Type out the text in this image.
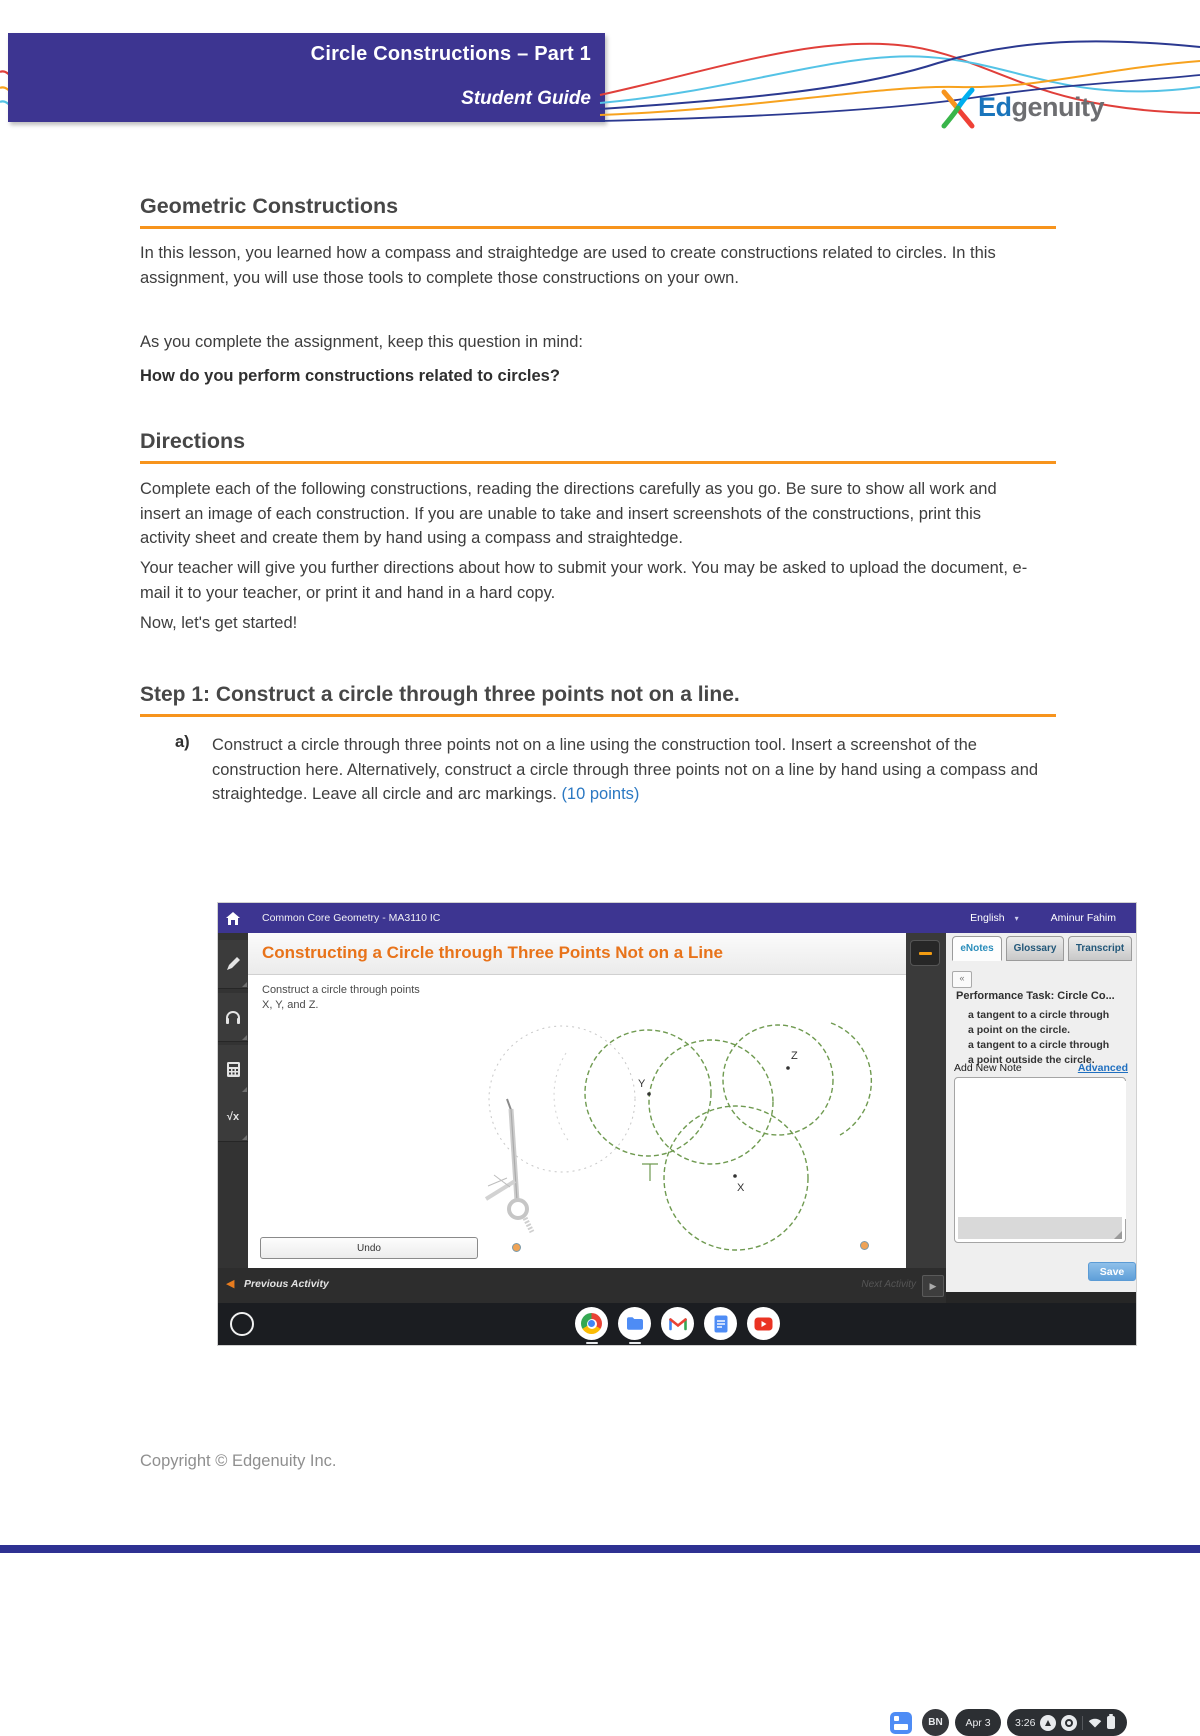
Circle Constructions – Part 1
Student Guide	Edgenuity
Geometric Constructions
In this lesson, you learned how a compass and straightedge are used to create constructions related to circles. In this assignment, you will use those tools to complete those constructions on your own.
As you complete the assignment, keep this question in mind:
How do you perform constructions related to circles?
Directions
Complete each of the following constructions, reading the directions carefully as you go. Be sure to show all work and insert an image of each construction. If you are unable to take and insert screenshots of the constructions, print this activity sheet and create them by hand using a compass and straightedge.
Your teacher will give you further directions about how to submit your work. You may be asked to upload the document, e-mail it to your teacher, or print it and hand in a hard copy.
Now, let's get started!
Step 1: Construct a circle through three points not on a line.
a) Construct a circle through three points not on a line using the construction tool. Insert a screenshot of the construction here. Alternatively, construct a circle through three points not on a line by hand using a compass and straightedge. Leave all circle and arc markings. (10 points)
Common Core Geometry - MA3110 IC	English ▾	Aminur Fahim
√x
Constructing a Circle through Three Points Not on a Line
Construct a circle through points
X, Y, and Z.
Y
Z
X
Undo
◀ Previous Activity	Next Activity ▶
eNotes	Glossary	Transcript
«
Performance Task: Circle Co...
a tangent to a circle through
a point on the circle.
a tangent to a circle through
a point outside the circle.
Add New Note	Advanced
Save
BN	Apr 3	3:26
Copyright © Edgenuity Inc.
